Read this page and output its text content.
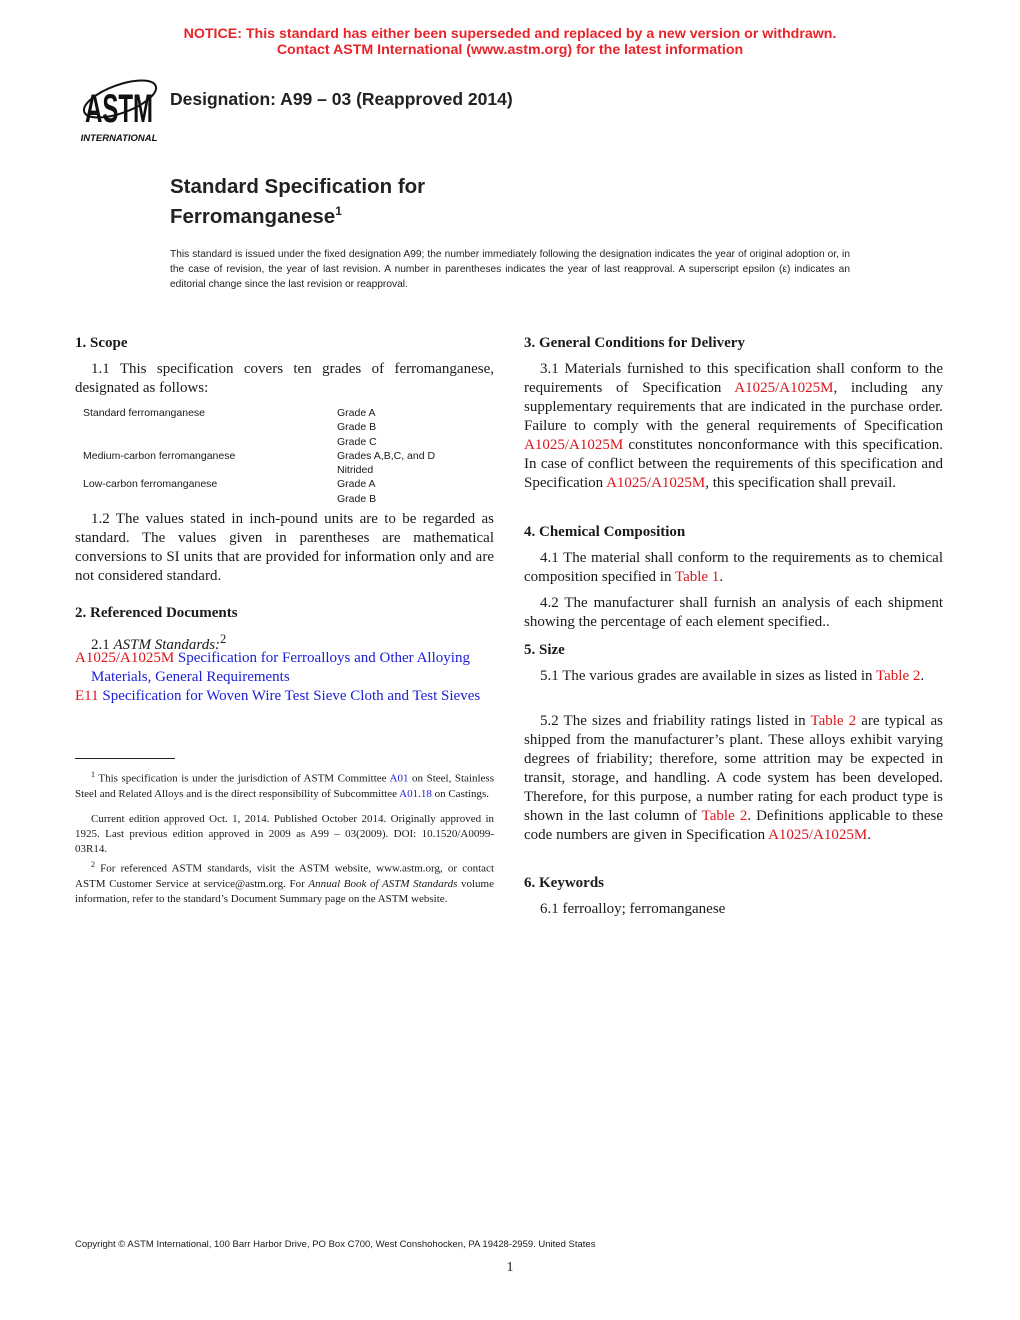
NOTICE: This standard has either been superseded and replaced by a new version or withdrawn.
Contact ASTM International (www.astm.org) for the latest information
ASTM
INTERNATIONAL
Designation: A99 – 03 (Reapproved 2014)
Standard Specification for
Ferromanganese$^1$
This standard is issued under the fixed designation A99; the number immediately following the designation indicates the year of original adoption or, in the case of revision, the year of last revision. A number in parentheses indicates the year of last reapproval. A superscript epsilon (ε) indicates an editorial change since the last revision or reapproval.
1. Scope
1.1 This specification covers ten grades of ferromanganese, designated as follows:
Standard ferromanganese	Grade A
Grade B
Grade C
Medium-carbon ferromanganese	Grades A,B,C, and D
Nitrided
Low-carbon ferromanganese	Grade A
Grade B
1.2 The values stated in inch-pound units are to be regarded as standard. The values given in parentheses are mathematical conversions to SI units that are provided for information only and are not considered standard.
2. Referenced Documents
2.1 ASTM Standards:$^2$
A1025/A1025M Specification for Ferroalloys and Other Alloying Materials, General Requirements
E11 Specification for Woven Wire Test Sieve Cloth and Test Sieves
$^1$ This specification is under the jurisdiction of ASTM Committee A01 on Steel, Stainless Steel and Related Alloys and is the direct responsibility of Subcommittee A01.18 on Castings.
Current edition approved Oct. 1, 2014. Published October 2014. Originally approved in 1925. Last previous edition approved in 2009 as A99 – 03(2009). DOI: 10.1520/A0099-03R14.
$^2$ For referenced ASTM standards, visit the ASTM website, www.astm.org, or contact ASTM Customer Service at service@astm.org. For Annual Book of ASTM Standards volume information, refer to the standard’s Document Summary page on the ASTM website.
3. General Conditions for Delivery
3.1 Materials furnished to this specification shall conform to the requirements of Specification A1025/A1025M, including any supplementary requirements that are indicated in the purchase order. Failure to comply with the general requirements of Specification A1025/A1025M constitutes nonconformance with this specification. In case of conflict between the requirements of this specification and Specification A1025/A1025M, this specification shall prevail.
4. Chemical Composition
4.1 The material shall conform to the requirements as to chemical composition specified in Table 1.
4.2 The manufacturer shall furnish an analysis of each shipment showing the percentage of each element specified..
5. Size
5.1 The various grades are available in sizes as listed in Table 2.
5.2 The sizes and friability ratings listed in Table 2 are typical as shipped from the manufacturer’s plant. These alloys exhibit varying degrees of friability; therefore, some attrition may be expected in transit, storage, and handling. A code system has been developed. Therefore, for this purpose, a number rating for each product type is shown in the last column of Table 2. Definitions applicable to these code numbers are given in Specification A1025/A1025M.
6. Keywords
6.1 ferroalloy; ferromanganese
Copyright © ASTM International, 100 Barr Harbor Drive, PO Box C700, West Conshohocken, PA 19428-2959. United States
1
